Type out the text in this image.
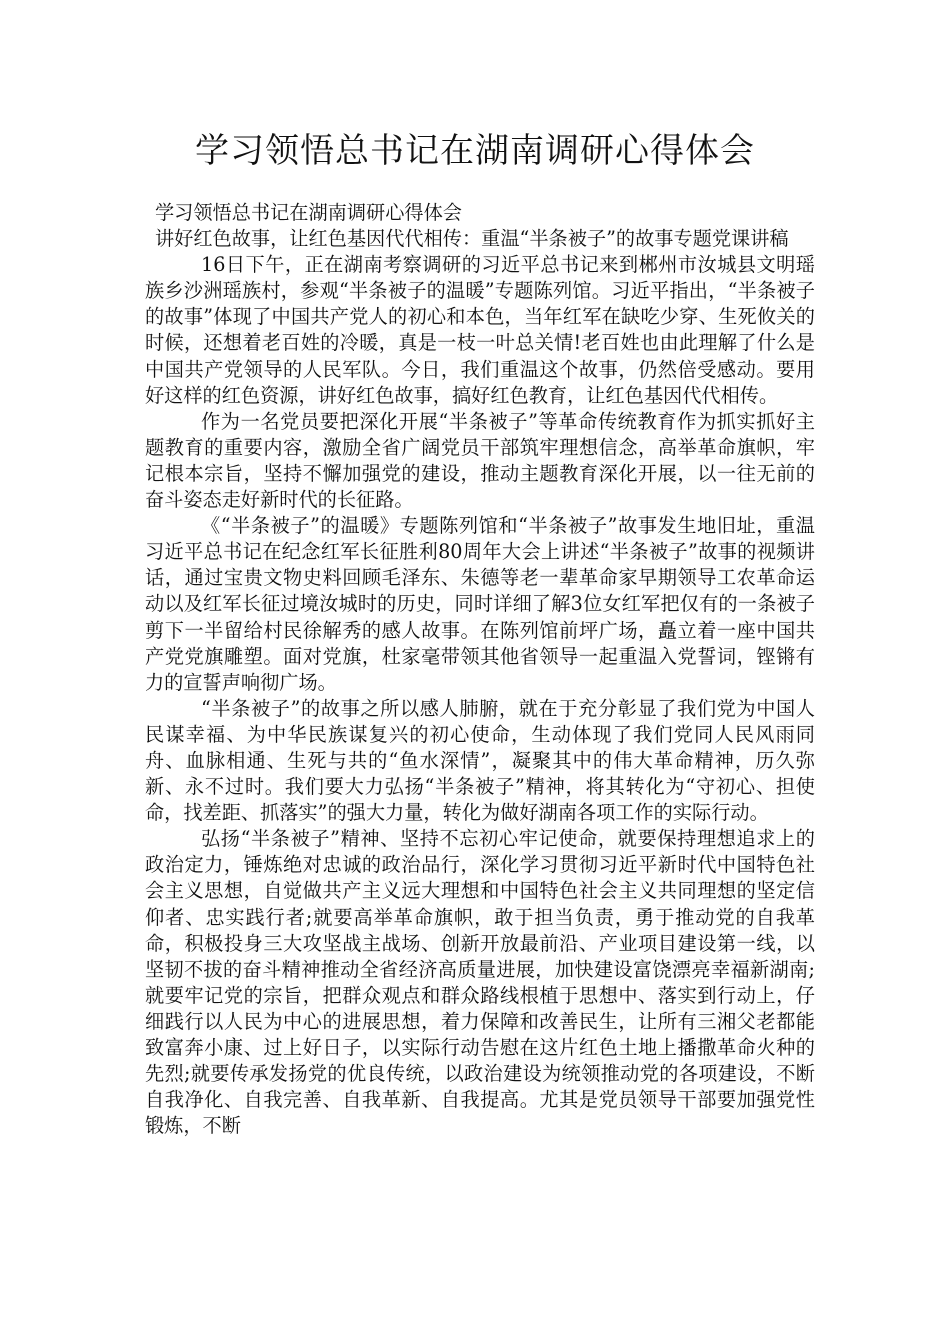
学习领悟总书记在湖南调研心得体会

学习领悟总书记在湖南调研心得体会

讲好红色故事，让红色基因代代相传：重温“半条被子”的故事专题党课讲稿

16日下午，正在湖南考察调研的习近平总书记来到郴州市汝城县文明瑶族乡沙洲瑶族村，参观“半条被子的温暖”专题陈列馆。习近平指出，“半条被子的故事”体现了中国共产党人的初心和本色，当年红军在缺吃少穿、生死攸关的时候，还想着老百姓的冷暖，真是一枝一叶总关情!老百姓也由此理解了什么是中国共产党领导的人民军队。今日，我们重温这个故事，仍然倍受感动。要用好这样的红色资源，讲好红色故事，搞好红色教育，让红色基因代代相传。

作为一名党员要把深化开展“半条被子”等革命传统教育作为抓实抓好主题教育的重要内容，激励全省广阔党员干部筑牢理想信念，高举革命旗帜，牢记根本宗旨，坚持不懈加强党的建设，推动主题教育深化开展，以一往无前的奋斗姿态走好新时代的长征路。

《“半条被子”的温暖》专题陈列馆和“半条被子”故事发生地旧址，重温习近平总书记在纪念红军长征胜利80周年大会上讲述“半条被子”故事的视频讲话，通过宝贵文物史料回顾毛泽东、朱德等老一辈革命家早期领导工农革命运动以及红军长征过境汝城时的历史，同时详细了解3位女红军把仅有的一条被子剪下一半留给村民徐解秀的感人故事。在陈列馆前坪广场，矗立着一座中国共产党党旗雕塑。面对党旗，杜家毫带领其他省领导一起重温入党誓词，铿锵有力的宣誓声响彻广场。

“半条被子”的故事之所以感人肺腑，就在于充分彰显了我们党为中国人民谋幸福、为中华民族谋复兴的初心使命，生动体现了我们党同人民风雨同舟、血脉相通、生死与共的“鱼水深情”，凝聚其中的伟大革命精神，历久弥新、永不过时。我们要大力弘扬“半条被子”精神，将其转化为“守初心、担使命，找差距、抓落实”的强大力量，转化为做好湖南各项工作的实际行动。

弘扬“半条被子”精神、坚持不忘初心牢记使命，就要保持理想追求上的政治定力，锤炼绝对忠诚的政治品行，深化学习贯彻习近平新时代中国特色社会主义思想，自觉做共产主义远大理想和中国特色社会主义共同理想的坚定信仰者、忠实践行者;就要高举革命旗帜，敢于担当负责，勇于推动党的自我革命，积极投身三大攻坚战主战场、创新开放最前沿、产业项目建设第一线，以坚韧不拔的奋斗精神推动全省经济高质量进展，加快建设富饶漂亮幸福新湖南;就要牢记党的宗旨，把群众观点和群众路线根植于思想中、落实到行动上，仔细践行以人民为中心的进展思想，着力保障和改善民生，让所有三湘父老都能致富奔小康、过上好日子，以实际行动告慰在这片红色土地上播撒革命火种的先烈;就要传承发扬党的优良传统，以政治建设为统领推动党的各项建设，不断自我净化、自我完善、自我革新、自我提高。尤其是党员领导干部要加强党性锻炼，不断
